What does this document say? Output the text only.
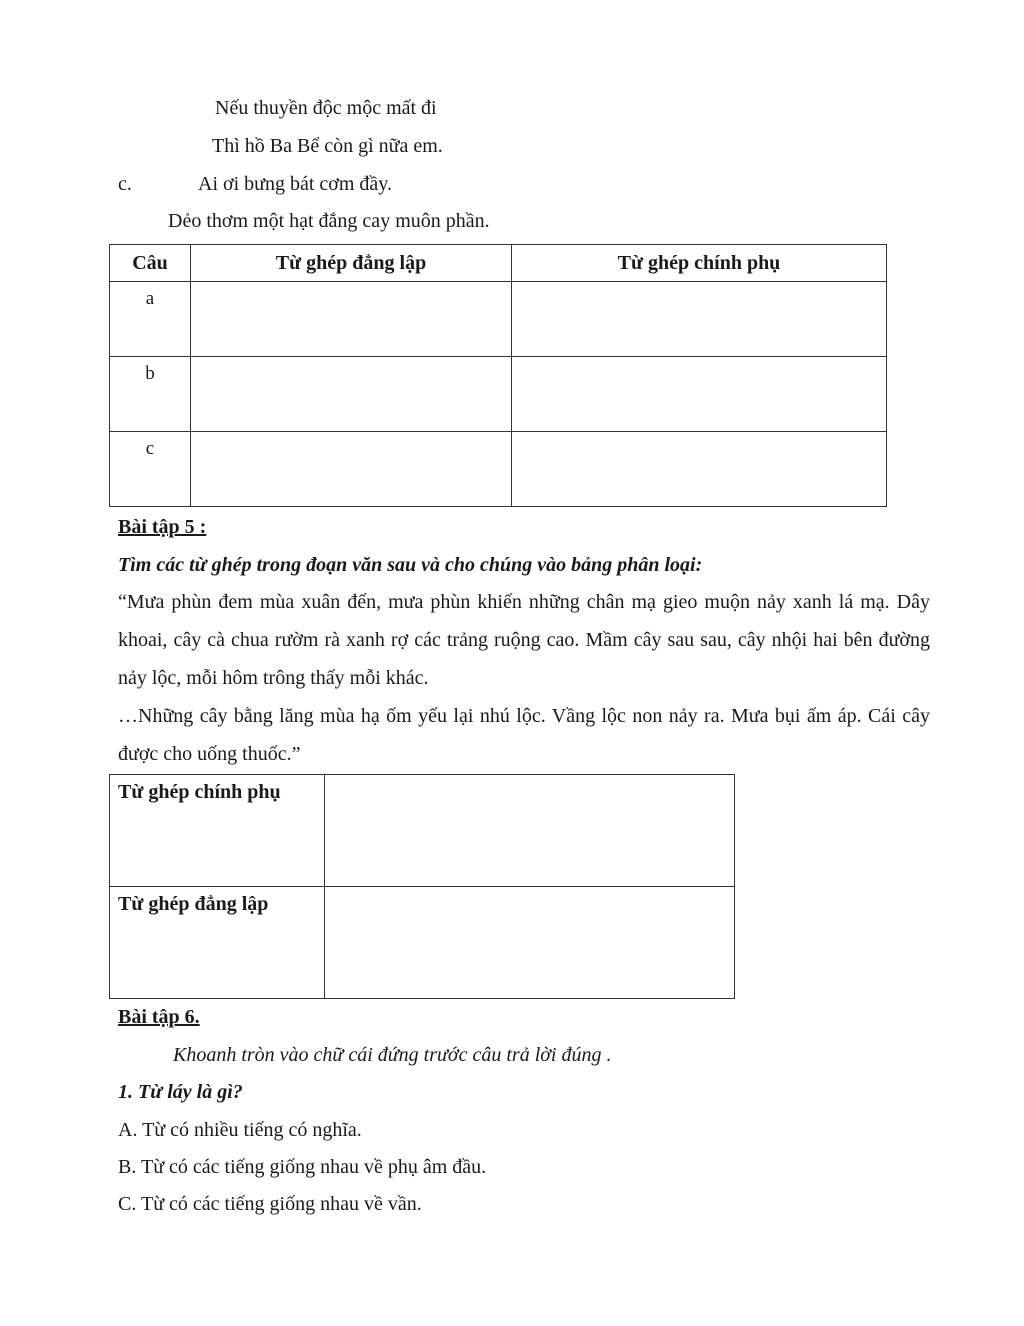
Nếu thuyền độc mộc mất đi
Thì hồ Ba Bể còn gì nữa em.
c.	Ai ơi bưng bát cơm đầy.
Dẻo thơm một hạt đắng cay muôn phần.
Câu	Từ ghép đẳng lập	Từ ghép chính phụ
a		
b		
c		
Bài tập 5 :
Tìm các từ ghép trong đoạn văn sau và cho chúng vào bảng phân loại:
“Mưa phùn đem mùa xuân đến, mưa phùn khiến những chân mạ gieo muộn nảy xanh lá mạ. Dây khoai, cây cà chua rườm rà xanh rợ các trảng ruộng cao. Mầm cây sau sau, cây nhội hai bên đường nảy lộc, mỗi hôm trông thấy mỗi khác.
…Những cây bằng lăng mùa hạ ốm yếu lại nhú lộc. Vầng lộc non nảy ra. Mưa bụi ấm áp. Cái cây được cho uống thuốc.”
Từ ghép chính phụ	
Từ ghép đẳng lập	
Bài tập 6.
Khoanh tròn vào chữ cái đứng trước câu trả lời đúng .
1. Từ láy là gì?
A. Từ có nhiều tiếng có nghĩa.
B. Từ có các tiếng giống nhau về phụ âm đầu.
C. Từ có các tiếng giống nhau về vần.
